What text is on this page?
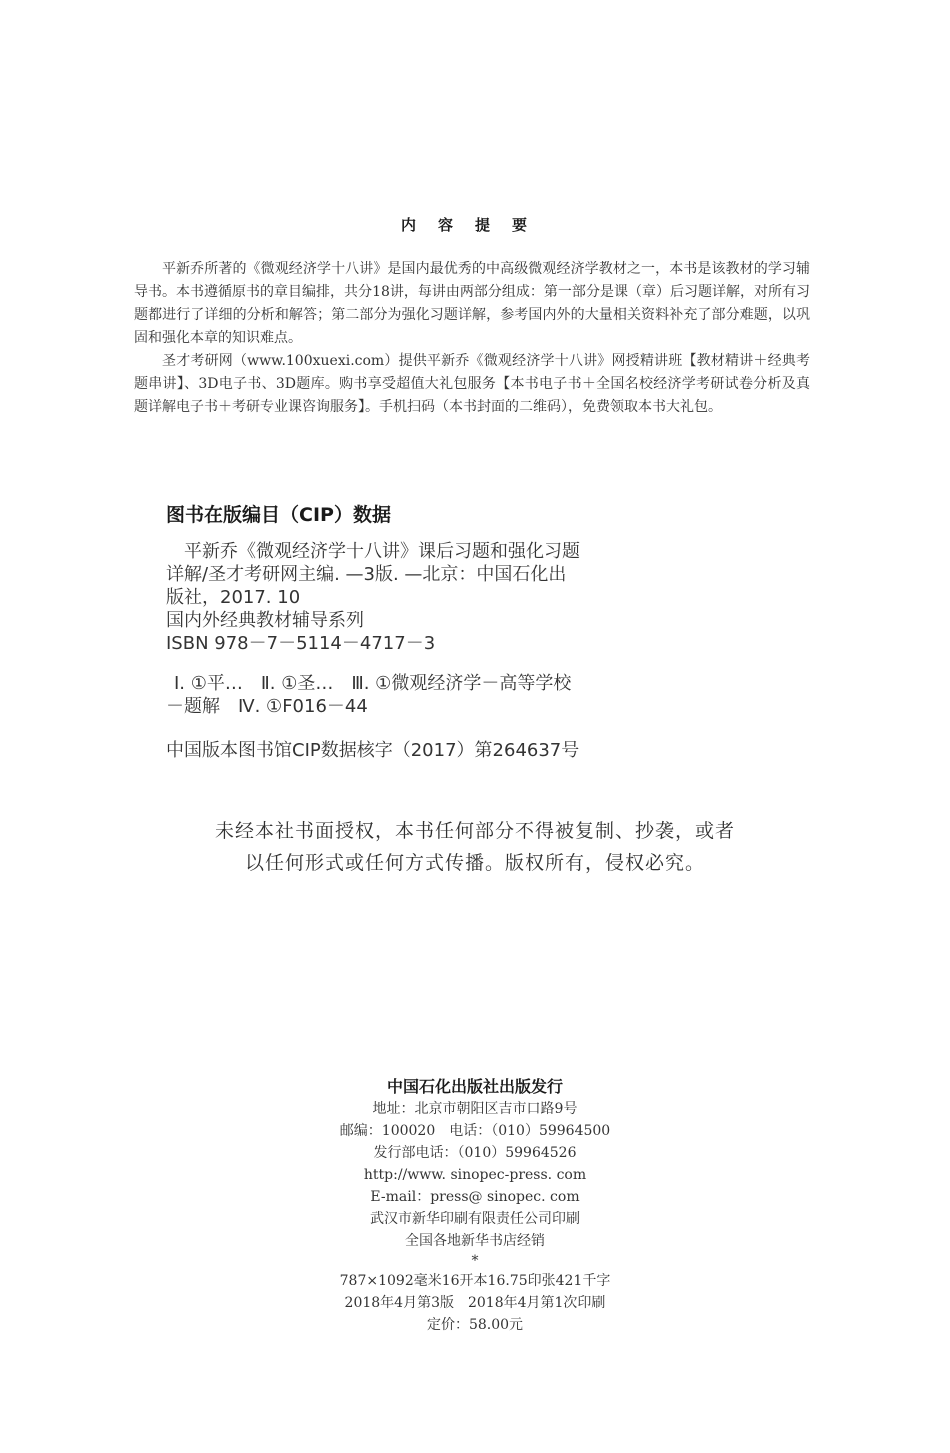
内容提要

平新乔所著的《微观经济学十八讲》是国内最优秀的中高级微观经济学教材之一，本书是该教材的学习辅导书。本书遵循原书的章目编排，共分18讲，每讲由两部分组成：第一部分是课（章）后习题详解，对所有习题都进行了详细的分析和解答；第二部分为强化习题详解，参考国内外的大量相关资料补充了部分难题，以巩固和强化本章的知识难点。

圣才考研网（www.100xuexi.com）提供平新乔《微观经济学十八讲》网授精讲班【教材精讲＋经典考题串讲】、3D电子书、3D题库。购书享受超值大礼包服务【本书电子书＋全国名校经济学考研试卷分析及真题详解电子书＋考研专业课咨询服务】。手机扫码（本书封面的二维码），免费领取本书大礼包。

图书在版编目（CIP）数据
平新乔《微观经济学十八讲》课后习题和强化习题
详解/圣才考研网主编. —3版. —北京：中国石化出
版社，2017. 10
国内外经典教材辅导系列
ISBN 978－7－5114－4717－3
Ⅰ. ①平…　Ⅱ. ①圣…　Ⅲ. ①微观经济学－高等学校
－题解　Ⅳ. ①F016－44
中国版本图书馆CIP数据核字（2017）第264637号
未经本社书面授权，本书任何部分不得被复制、抄袭，或者
以任何形式或任何方式传播。版权所有，侵权必究。
中国石化出版社出版发行
地址：北京市朝阳区吉市口路9号
邮编：100020　电话：（010）59964500
发行部电话：（010）59964526
http://www. sinopec-press. com
E-mail：press@ sinopec. com
武汉市新华印刷有限责任公司印刷
全国各地新华书店经销
*
787×1092毫米16开本16.75印张421千字
2018年4月第3版　2018年4月第1次印刷
定价：58.00元
